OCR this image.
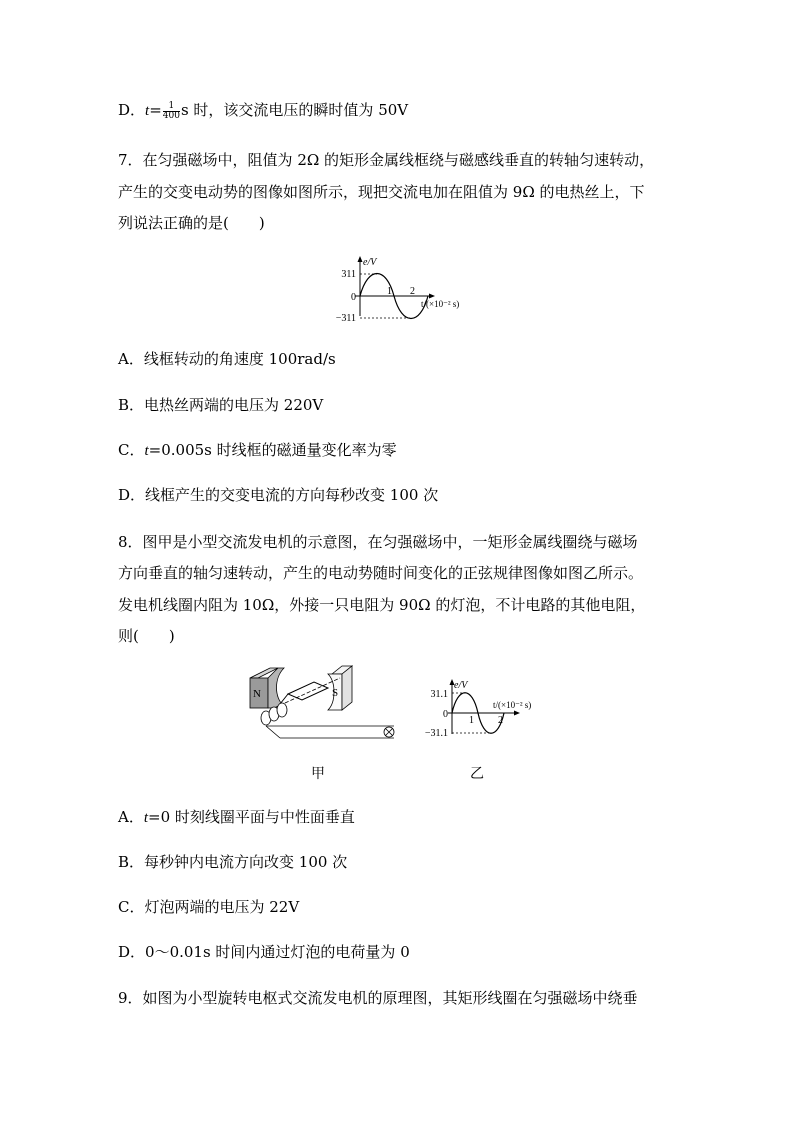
D．$t= \frac{1}{400}$ s 时，该交流电压的瞬时值为 50V
7．在匀强磁场中，阻值为 2Ω 的矩形金属线框绕与磁感线垂直的转轴匀速转动，
产生的交变电动势的图像如图所示，现把交流电加在阻值为 9Ω 的电热丝上，下
列说法正确的是(　　)
e/V
311
0
−311
1 2
t/(×10⁻² s)
A．线框转动的角速度 100rad/s
B．电热丝两端的电压为 220V
C．t=0.005s 时线框的磁通量变化率为零
D．线框产生的交变电流的方向每秒改变 100 次
8．图甲是小型交流发电机的示意图，在匀强磁场中，一矩形金属线圈绕与磁场
方向垂直的轴匀速转动，产生的电动势随时间变化的正弦规律图像如图乙所示。
发电机线圈内阻为 10Ω，外接一只电阻为 90Ω 的灯泡，不计电路的其他电阻，
则(　　)
N	S
甲
e/V
31.1
0
−31.1
1 2
t/(×10⁻² s)
乙
A．t=0 时刻线圈平面与中性面垂直
B．每秒钟内电流方向改变 100 次
C．灯泡两端的电压为 22V
D．0～0.01s 时间内通过灯泡的电荷量为 0
9．如图为小型旋转电枢式交流发电机的原理图，其矩形线圈在匀强磁场中绕垂
